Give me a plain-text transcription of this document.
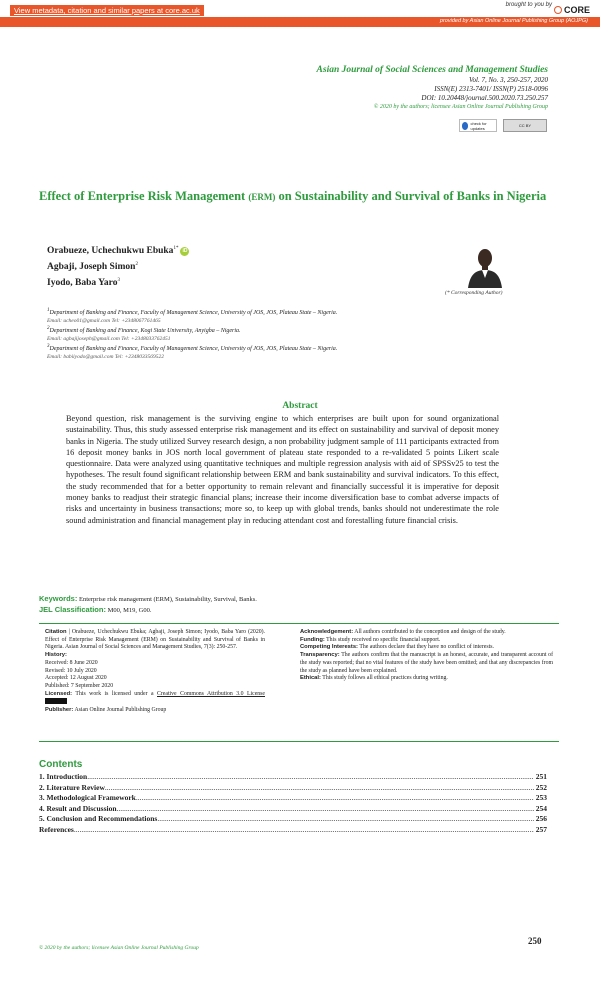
View metadata, citation and similar papers at core.ac.uk
brought to you by	CORE
provided by Asian Online Journal Publishing Group (AOJPG)
Asian Journal of Social Sciences and Management Studies
Vol. 7, No. 3, 250-257, 2020
ISSN(E) 2313-7401/ ISSN(P) 2518-0096
DOI: 10.20448/journal.500.2020.73.250.257
© 2020 by the authors; licensee Asian Online Journal Publishing Group
check for updates	CC BY
Effect of Enterprise Risk Management (ERM) on Sustainability and Survival of Banks in Nigeria
Orabueze, Uchechukwu Ebuka$^{1*}$ iD
Agbaji, Joseph Simon$^2$
Iyodo, Baba Yaro$^3$
(* Corresponding Author)
$^1$Department of Banking and Finance, Faculty of Management Science, University of JOS, JOS, Plateau State – Nigeria.
Email: ucheo01@gmail.com Tel: +2348067761465
$^2$Department of Banking and Finance, Kogi State University, Anyigba – Nigeria.
Email: agbajijoseph@gmail.com Tel: +2348033762451
$^3$Department of Banking and Finance, Faculty of Management Science, University of JOS, JOS, Plateau State – Nigeria.
Email: babiiyodo@gmail.com Tel: +2348033569522
Abstract
Beyond question, risk management is the surviving engine to which enterprises are built upon for sound organizational sustainability. Thus, this study assessed enterprise risk management and its effect on sustainability and survival of deposit money banks in Nigeria. The study utilized Survey research design, a non probability judgment sample of 111 participants extracted from 16 deposit money banks in JOS north local government of plateau state responded to a re-validated 5 points Likert scale questionnaire. Data were analyzed using quantitative techniques and multiple regression analysis with aid of SPSSv25 to test the hypotheses. The result found significant relationship between ERM and bank sustainability and survival indicators. To this effect, the study recommended that for a better opportunity to remain relevant and financially successful it is imperative for deposit money banks to readjust their strategic financial plans; increase their income diversification base to combat adverse impacts of risks and uncertainty in business transactions; more so, to keep up with global trends, banks should not underestimate the role sound administration and financial management play in reducing attendant cost and forestalling future financial crisis.
Keywords: Enterprise risk management (ERM), Sustainability, Survival, Banks.
JEL Classification: M00, M19, G00.
Citation | Orabueze, Uchechukwu Ebuka; Agbaji, Joseph Simon; Iyodo, Baba Yaro (2020). Effect of Enterprise Risk Management (ERM) on Sustainability and Survival of Banks in Nigeria. Asian Journal of Social Sciences and Management Studies, 7(3): 250-257.
History:
Received: 8 June 2020
Revised: 10 July 2020
Accepted: 12 August 2020
Published: 7 September 2020
Licensed: This work is licensed under a Creative Commons Attribution 3.0 License
Publisher: Asian Online Journal Publishing Group
Acknowledgement: All authors contributed to the conception and design of the study.
Funding: This study received no specific financial support.
Competing Interests: The authors declare that they have no conflict of interests.
Transparency: The authors confirm that the manuscript is an honest, accurate, and transparent account of the study was reported; that no vital features of the study have been omitted; and that any discrepancies from the study as planned have been explained.
Ethical: This study follows all ethical practices during writing.
Contents
1. Introduction .....	251
2. Literature Review .....	252
3. Methodological Framework .....	253
4. Result and Discussion .....	254
5. Conclusion and Recommendations .....	256
References .....	257
250
© 2020 by the authors; licensee Asian Online Journal Publishing Group
